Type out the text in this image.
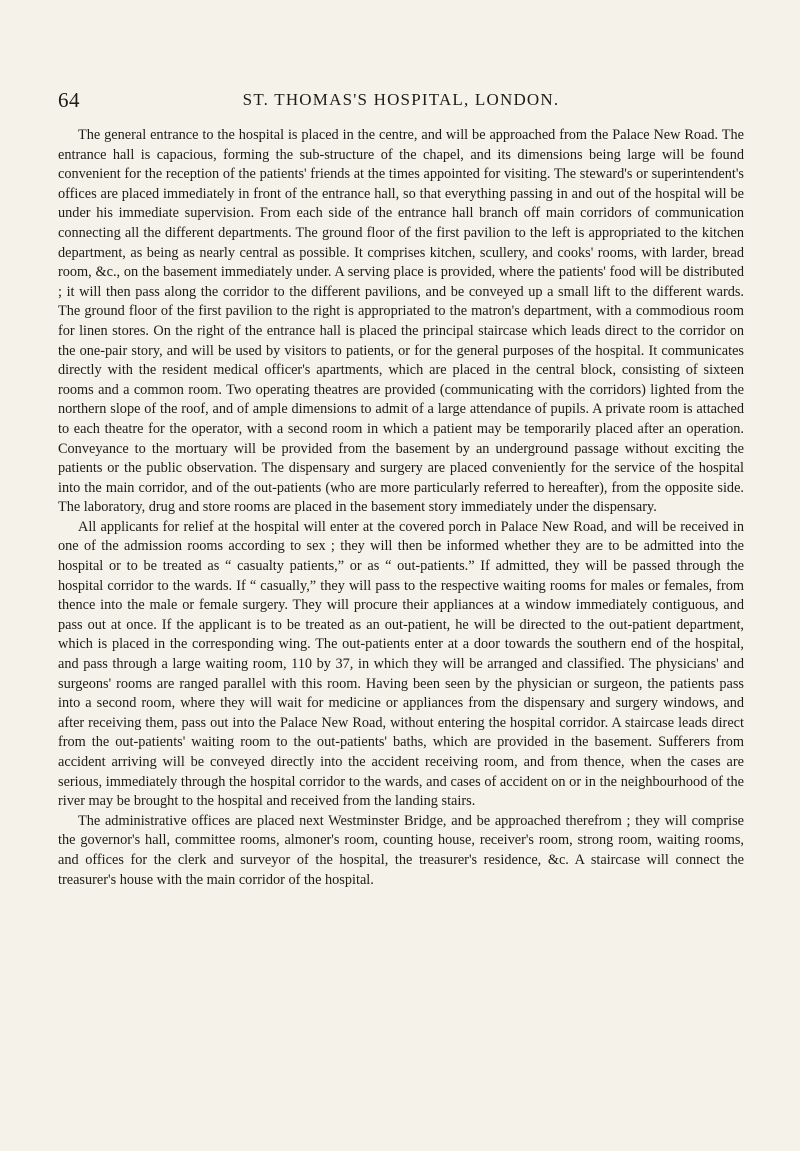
64	ST. THOMAS'S HOSPITAL, LONDON.

The general entrance to the hospital is placed in the centre, and will be approached from the Palace New Road. The entrance hall is capacious, forming the sub-structure of the chapel, and its dimensions being large will be found convenient for the reception of the patients' friends at the times appointed for visiting. The steward's or superintendent's offices are placed immediately in front of the entrance hall, so that everything passing in and out of the hospital will be under his immediate supervision. From each side of the entrance hall branch off main corridors of communication connecting all the different departments. The ground floor of the first pavilion to the left is appropriated to the kitchen department, as being as nearly central as possible. It comprises kitchen, scullery, and cooks' rooms, with larder, bread room, &c., on the basement immediately under. A serving place is provided, where the patients' food will be distributed ; it will then pass along the corridor to the different pavilions, and be conveyed up a small lift to the different wards. The ground floor of the first pavilion to the right is appropriated to the matron's department, with a commodious room for linen stores. On the right of the entrance hall is placed the principal staircase which leads direct to the corridor on the one-pair story, and will be used by visitors to patients, or for the general purposes of the hospital. It communicates directly with the resident medical officer's apartments, which are placed in the central block, consisting of sixteen rooms and a common room. Two operating theatres are provided (communicating with the corridors) lighted from the northern slope of the roof, and of ample dimensions to admit of a large attendance of pupils. A private room is attached to each theatre for the operator, with a second room in which a patient may be temporarily placed after an operation. Conveyance to the mortuary will be provided from the basement by an underground passage without exciting the patients or the public observation. The dispensary and surgery are placed conveniently for the service of the hospital into the main corridor, and of the out-patients (who are more particularly referred to hereafter), from the opposite side. The laboratory, drug and store rooms are placed in the basement story immediately under the dispensary.

All applicants for relief at the hospital will enter at the covered porch in Palace New Road, and will be received in one of the admission rooms according to sex ; they will then be informed whether they are to be admitted into the hospital or to be treated as “ casualty patients,” or as “ out-patients.” If admitted, they will be passed through the hospital corridor to the wards. If “ casually,” they will pass to the respective waiting rooms for males or females, from thence into the male or female surgery. They will procure their appliances at a window immediately contiguous, and pass out at once. If the applicant is to be treated as an out-patient, he will be directed to the out-patient department, which is placed in the corresponding wing. The out-patients enter at a door towards the southern end of the hospital, and pass through a large waiting room, 110 by 37, in which they will be arranged and classified. The physicians' and surgeons' rooms are ranged parallel with this room. Having been seen by the physician or surgeon, the patients pass into a second room, where they will wait for medicine or appliances from the dispensary and surgery windows, and after receiving them, pass out into the Palace New Road, without entering the hospital corridor. A staircase leads direct from the out-patients' waiting room to the out-patients' baths, which are provided in the basement. Sufferers from accident arriving will be conveyed directly into the accident receiving room, and from thence, when the cases are serious, immediately through the hospital corridor to the wards, and cases of accident on or in the neighbourhood of the river may be brought to the hospital and received from the landing stairs.

The administrative offices are placed next Westminster Bridge, and be approached therefrom ; they will comprise the governor's hall, committee rooms, almoner's room, counting house, receiver's room, strong room, waiting rooms, and offices for the clerk and surveyor of the hospital, the treasurer's residence, &c. A staircase will connect the treasurer's house with the main corridor of the hospital.
